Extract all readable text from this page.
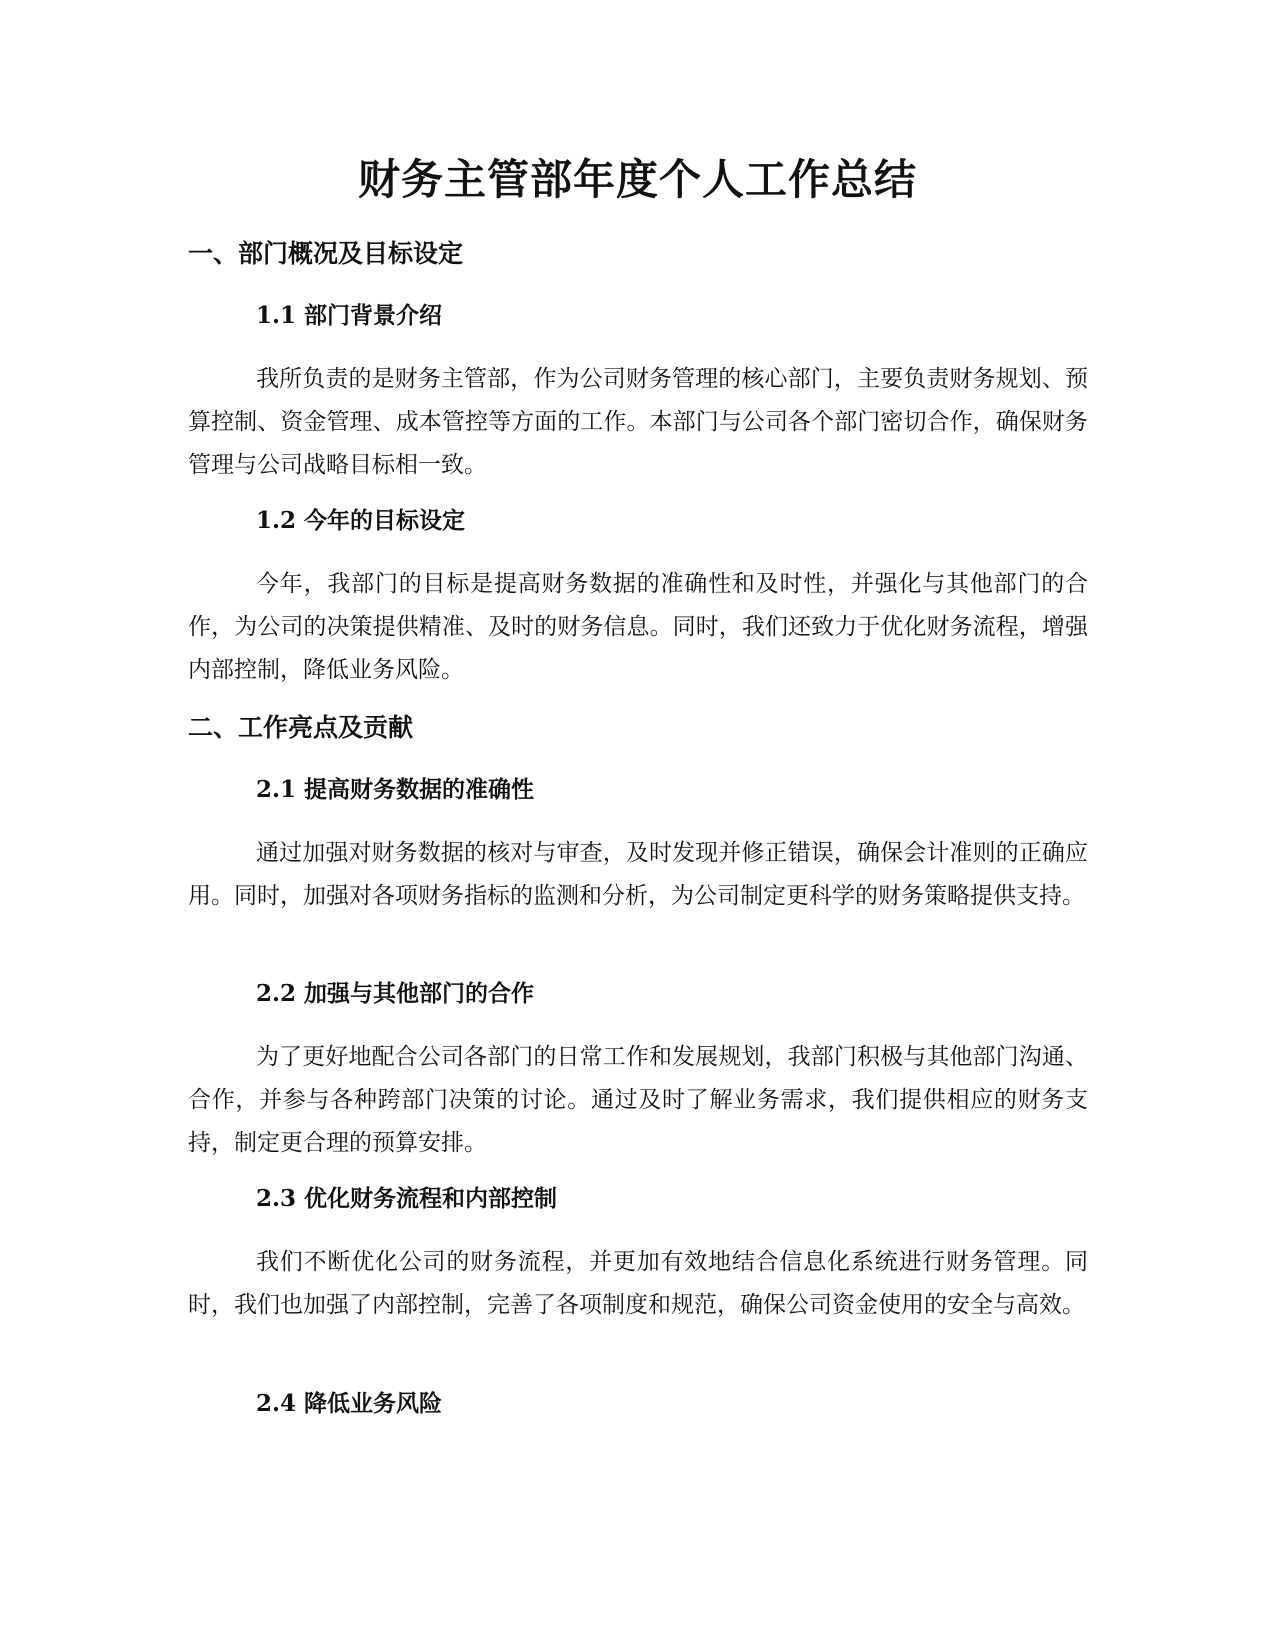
财务主管部年度个人工作总结
一、部门概况及目标设定
1.1 部门背景介绍

我所负责的是财务主管部，作为公司财务管理的核心部门，主要负责财务规划、预算控制、资金管理、成本管控等方面的工作。本部门与公司各个部门密切合作，确保财务管理与公司战略目标相一致。

1.2 今年的目标设定

今年，我部门的目标是提高财务数据的准确性和及时性，并强化与其他部门的合作，为公司的决策提供精准、及时的财务信息。同时，我们还致力于优化财务流程，增强内部控制，降低业务风险。

二、工作亮点及贡献
2.1 提高财务数据的准确性

通过加强对财务数据的核对与审查，及时发现并修正错误，确保会计准则的正确应用。同时，加强对各项财务指标的监测和分析，为公司制定更科学的财务策略提供支持。

2.2 加强与其他部门的合作

为了更好地配合公司各部门的日常工作和发展规划，我部门积极与其他部门沟通、合作，并参与各种跨部门决策的讨论。通过及时了解业务需求，我们提供相应的财务支持，制定更合理的预算安排。

2.3 优化财务流程和内部控制

我们不断优化公司的财务流程，并更加有效地结合信息化系统进行财务管理。同时，我们也加强了内部控制，完善了各项制度和规范，确保公司资金使用的安全与高效。

2.4 降低业务风险
